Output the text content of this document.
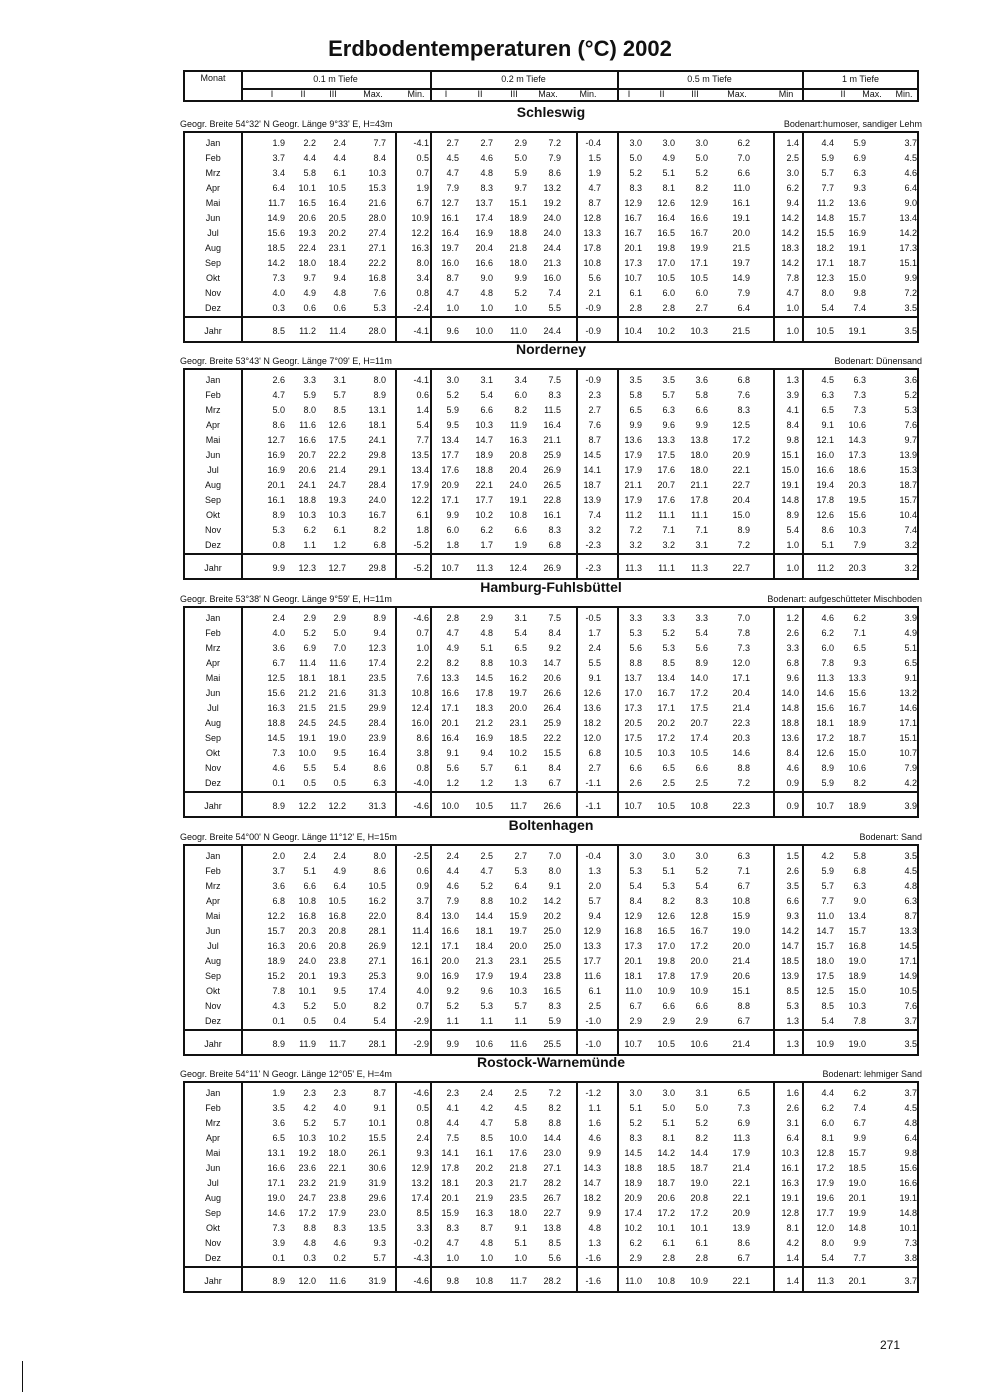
Erdbodentemperaturen (°C) 2002
Monat	0.1 m Tiefe
I	II	III	Max.	Min.
0.2 m Tiefe
I	II	III	Max.	Min.
0.5 m Tiefe
I	II	III	Max.	Min
1 m Tiefe
II	Max.	Min.
Schleswig
Geogr. Breite 54°32' N Geogr. Länge 9°33' E, H=43m	Bodenart:humoser, sandiger Lehm
Jan	1.9	2.2	2.4	7.7	-4.1	2.7	2.7	2.9	7.2	-0.4	3.0	3.0	3.0	6.2	1.4	4.4	5.9	3.7
Feb	3.7	4.4	4.4	8.4	0.5	4.5	4.6	5.0	7.9	1.5	5.0	4.9	5.0	7.0	2.5	5.9	6.9	4.5
Mrz	3.4	5.8	6.1	10.3	0.7	4.7	4.8	5.9	8.6	1.9	5.2	5.1	5.2	6.6	3.0	5.7	6.3	4.6
Apr	6.4	10.1	10.5	15.3	1.9	7.9	8.3	9.7	13.2	4.7	8.3	8.1	8.2	11.0	6.2	7.7	9.3	6.4
Mai	11.7	16.5	16.4	21.6	6.7	12.7	13.7	15.1	19.2	8.7	12.9	12.6	12.9	16.1	9.4	11.2	13.6	9.0
Jun	14.9	20.6	20.5	28.0	10.9	16.1	17.4	18.9	24.0	12.8	16.7	16.4	16.6	19.1	14.2	14.8	15.7	13.4
Jul	15.6	19.3	20.2	27.4	12.2	16.4	16.9	18.8	24.0	13.3	16.7	16.5	16.7	20.0	14.2	15.5	16.9	14.2
Aug	18.5	22.4	23.1	27.1	16.3	19.7	20.4	21.8	24.4	17.8	20.1	19.8	19.9	21.5	18.3	18.2	19.1	17.3
Sep	14.2	18.0	18.4	22.2	8.0	16.0	16.6	18.0	21.3	10.8	17.3	17.0	17.1	19.7	14.2	17.1	18.7	15.1
Okt	7.3	9.7	9.4	16.8	3.4	8.7	9.0	9.9	16.0	5.6	10.7	10.5	10.5	14.9	7.8	12.3	15.0	9.9
Nov	4.0	4.9	4.8	7.6	0.8	4.7	4.8	5.2	7.4	2.1	6.1	6.0	6.0	7.9	4.7	8.0	9.8	7.2
Dez	0.3	0.6	0.6	5.3	-2.4	1.0	1.0	1.0	5.5	-0.9	2.8	2.8	2.7	6.4	1.0	5.4	7.4	3.5
Jahr	8.5	11.2	11.4	28.0	-4.1	9.6	10.0	11.0	24.4	-0.9	10.4	10.2	10.3	21.5	1.0	10.5	19.1	3.5
Norderney
Geogr. Breite 53°43' N Geogr. Länge 7°09' E, H=11m	Bodenart: Dünensand
Jan	2.6	3.3	3.1	8.0	-4.1	3.0	3.1	3.4	7.5	-0.9	3.5	3.5	3.6	6.8	1.3	4.5	6.3	3.6
Feb	4.7	5.9	5.7	8.9	0.6	5.2	5.4	6.0	8.3	2.3	5.8	5.7	5.8	7.6	3.9	6.3	7.3	5.2
Mrz	5.0	8.0	8.5	13.1	1.4	5.9	6.6	8.2	11.5	2.7	6.5	6.3	6.6	8.3	4.1	6.5	7.3	5.3
Apr	8.6	11.6	12.6	18.1	5.4	9.5	10.3	11.9	16.4	7.6	9.9	9.6	9.9	12.5	8.4	9.1	10.6	7.6
Mai	12.7	16.6	17.5	24.1	7.7	13.4	14.7	16.3	21.1	8.7	13.6	13.3	13.8	17.2	9.8	12.1	14.3	9.7
Jun	16.9	20.7	22.2	29.8	13.5	17.7	18.9	20.8	25.9	14.5	17.9	17.5	18.0	20.9	15.1	16.0	17.3	13.9
Jul	16.9	20.6	21.4	29.1	13.4	17.6	18.8	20.4	26.9	14.1	17.9	17.6	18.0	22.1	15.0	16.6	18.6	15.3
Aug	20.1	24.1	24.7	28.4	17.9	20.9	22.1	24.0	26.5	18.7	21.1	20.7	21.1	22.7	19.1	19.4	20.3	18.7
Sep	16.1	18.8	19.3	24.0	12.2	17.1	17.7	19.1	22.8	13.9	17.9	17.6	17.8	20.4	14.8	17.8	19.5	15.7
Okt	8.9	10.3	10.3	16.7	6.1	9.9	10.2	10.8	16.1	7.4	11.2	11.1	11.1	15.0	8.9	12.6	15.6	10.4
Nov	5.3	6.2	6.1	8.2	1.8	6.0	6.2	6.6	8.3	3.2	7.2	7.1	7.1	8.9	5.4	8.6	10.3	7.4
Dez	0.8	1.1	1.2	6.8	-5.2	1.8	1.7	1.9	6.8	-2.3	3.2	3.2	3.1	7.2	1.0	5.1	7.9	3.2
Jahr	9.9	12.3	12.7	29.8	-5.2	10.7	11.3	12.4	26.9	-2.3	11.3	11.1	11.3	22.7	1.0	11.2	20.3	3.2
Hamburg-Fuhlsbüttel
Geogr. Breite 53°38' N Geogr. Länge 9°59' E, H=11m	Bodenart: aufgeschütteter Mischboden
Jan	2.4	2.9	2.9	8.9	-4.6	2.8	2.9	3.1	7.5	-0.5	3.3	3.3	3.3	7.0	1.2	4.6	6.2	3.9
Feb	4.0	5.2	5.0	9.4	0.7	4.7	4.8	5.4	8.4	1.7	5.3	5.2	5.4	7.8	2.6	6.2	7.1	4.9
Mrz	3.6	6.9	7.0	12.3	1.0	4.9	5.1	6.5	9.2	2.4	5.6	5.3	5.6	7.3	3.3	6.0	6.5	5.1
Apr	6.7	11.4	11.6	17.4	2.2	8.2	8.8	10.3	14.7	5.5	8.8	8.5	8.9	12.0	6.8	7.8	9.3	6.5
Mai	12.5	18.1	18.1	23.5	7.6	13.3	14.5	16.2	20.6	9.1	13.7	13.4	14.0	17.1	9.6	11.3	13.3	9.1
Jun	15.6	21.2	21.6	31.3	10.8	16.6	17.8	19.7	26.6	12.6	17.0	16.7	17.2	20.4	14.0	14.6	15.6	13.2
Jul	16.3	21.5	21.5	29.9	12.4	17.1	18.3	20.0	26.4	13.6	17.3	17.1	17.5	21.4	14.8	15.6	16.7	14.6
Aug	18.8	24.5	24.5	28.4	16.0	20.1	21.2	23.1	25.9	18.2	20.5	20.2	20.7	22.3	18.8	18.1	18.9	17.1
Sep	14.5	19.1	19.0	23.9	8.6	16.4	16.9	18.5	22.2	12.0	17.5	17.2	17.4	20.3	13.6	17.2	18.7	15.1
Okt	7.3	10.0	9.5	16.4	3.8	9.1	9.4	10.2	15.5	6.8	10.5	10.3	10.5	14.6	8.4	12.6	15.0	10.7
Nov	4.6	5.5	5.4	8.6	0.8	5.6	5.7	6.1	8.4	2.7	6.6	6.5	6.6	8.8	4.6	8.9	10.6	7.9
Dez	0.1	0.5	0.5	6.3	-4.0	1.2	1.2	1.3	6.7	-1.1	2.6	2.5	2.5	7.2	0.9	5.9	8.2	4.2
Jahr	8.9	12.2	12.2	31.3	-4.6	10.0	10.5	11.7	26.6	-1.1	10.7	10.5	10.8	22.3	0.9	10.7	18.9	3.9
Boltenhagen
Geogr. Breite 54°00' N Geogr. Länge 11°12' E, H=15m	Bodenart: Sand
Jan	2.0	2.4	2.4	8.0	-2.5	2.4	2.5	2.7	7.0	-0.4	3.0	3.0	3.0	6.3	1.5	4.2	5.8	3.5
Feb	3.7	5.1	4.9	8.6	0.6	4.4	4.7	5.3	8.0	1.3	5.3	5.1	5.2	7.1	2.6	5.9	6.8	4.5
Mrz	3.6	6.6	6.4	10.5	0.9	4.6	5.2	6.4	9.1	2.0	5.4	5.3	5.4	6.7	3.5	5.7	6.3	4.8
Apr	6.8	10.8	10.5	16.2	3.7	7.9	8.8	10.2	14.2	5.7	8.4	8.2	8.3	10.8	6.6	7.7	9.0	6.3
Mai	12.2	16.8	16.8	22.0	8.4	13.0	14.4	15.9	20.2	9.4	12.9	12.6	12.8	15.9	9.3	11.0	13.4	8.7
Jun	15.7	20.3	20.8	28.1	11.4	16.6	18.1	19.7	25.0	12.9	16.8	16.5	16.7	19.0	14.2	14.7	15.7	13.3
Jul	16.3	20.6	20.8	26.9	12.1	17.1	18.4	20.0	25.0	13.3	17.3	17.0	17.2	20.0	14.7	15.7	16.8	14.5
Aug	18.9	24.0	23.8	27.1	16.1	20.0	21.3	23.1	25.5	17.7	20.1	19.8	20.0	21.4	18.5	18.0	19.0	17.1
Sep	15.2	20.1	19.3	25.3	9.0	16.9	17.9	19.4	23.8	11.6	18.1	17.8	17.9	20.6	13.9	17.5	18.9	14.9
Okt	7.8	10.1	9.5	17.4	4.0	9.2	9.6	10.3	16.5	6.1	11.0	10.9	10.9	15.1	8.5	12.5	15.0	10.5
Nov	4.3	5.2	5.0	8.2	0.7	5.2	5.3	5.7	8.3	2.5	6.7	6.6	6.6	8.8	5.3	8.5	10.3	7.6
Dez	0.1	0.5	0.4	5.4	-2.9	1.1	1.1	1.1	5.9	-1.0	2.9	2.9	2.9	6.7	1.3	5.4	7.8	3.7
Jahr	8.9	11.9	11.7	28.1	-2.9	9.9	10.6	11.6	25.5	-1.0	10.7	10.5	10.6	21.4	1.3	10.9	19.0	3.5
Rostock-Warnemünde
Geogr. Breite 54°11' N Geogr. Länge 12°05' E, H=4m	Bodenart: lehmiger Sand
Jan	1.9	2.3	2.3	8.7	-4.6	2.3	2.4	2.5	7.2	-1.2	3.0	3.0	3.1	6.5	1.6	4.4	6.2	3.7
Feb	3.5	4.2	4.0	9.1	0.5	4.1	4.2	4.5	8.2	1.1	5.1	5.0	5.0	7.3	2.6	6.2	7.4	4.5
Mrz	3.6	5.2	5.7	10.1	0.8	4.4	4.7	5.8	8.8	1.6	5.2	5.1	5.2	6.9	3.1	6.0	6.7	4.8
Apr	6.5	10.3	10.2	15.5	2.4	7.5	8.5	10.0	14.4	4.6	8.3	8.1	8.2	11.3	6.4	8.1	9.9	6.4
Mai	13.1	19.2	18.0	26.1	9.3	14.1	16.1	17.6	23.0	9.9	14.5	14.2	14.4	17.9	10.3	12.8	15.7	9.8
Jun	16.6	23.6	22.1	30.6	12.9	17.8	20.2	21.8	27.1	14.3	18.8	18.5	18.7	21.4	16.1	17.2	18.5	15.6
Jul	17.1	23.2	21.9	31.9	13.2	18.1	20.3	21.7	28.2	14.7	18.9	18.7	19.0	22.1	16.3	17.9	19.0	16.6
Aug	19.0	24.7	23.8	29.6	17.4	20.1	21.9	23.5	26.7	18.2	20.9	20.6	20.8	22.1	19.1	19.6	20.1	19.1
Sep	14.6	17.2	17.9	23.0	8.5	15.9	16.3	18.0	22.7	9.9	17.4	17.2	17.2	20.9	12.8	17.7	19.9	14.8
Okt	7.3	8.8	8.3	13.5	3.3	8.3	8.7	9.1	13.8	4.8	10.2	10.1	10.1	13.9	8.1	12.0	14.8	10.1
Nov	3.9	4.8	4.6	9.3	-0.2	4.7	4.8	5.1	8.5	1.3	6.2	6.1	6.1	8.6	4.2	8.0	9.9	7.3
Dez	0.1	0.3	0.2	5.7	-4.3	1.0	1.0	1.0	5.6	-1.6	2.9	2.8	2.8	6.7	1.4	5.4	7.7	3.8
Jahr	8.9	12.0	11.6	31.9	-4.6	9.8	10.8	11.7	28.2	-1.6	11.0	10.8	10.9	22.1	1.4	11.3	20.1	3.7
271
